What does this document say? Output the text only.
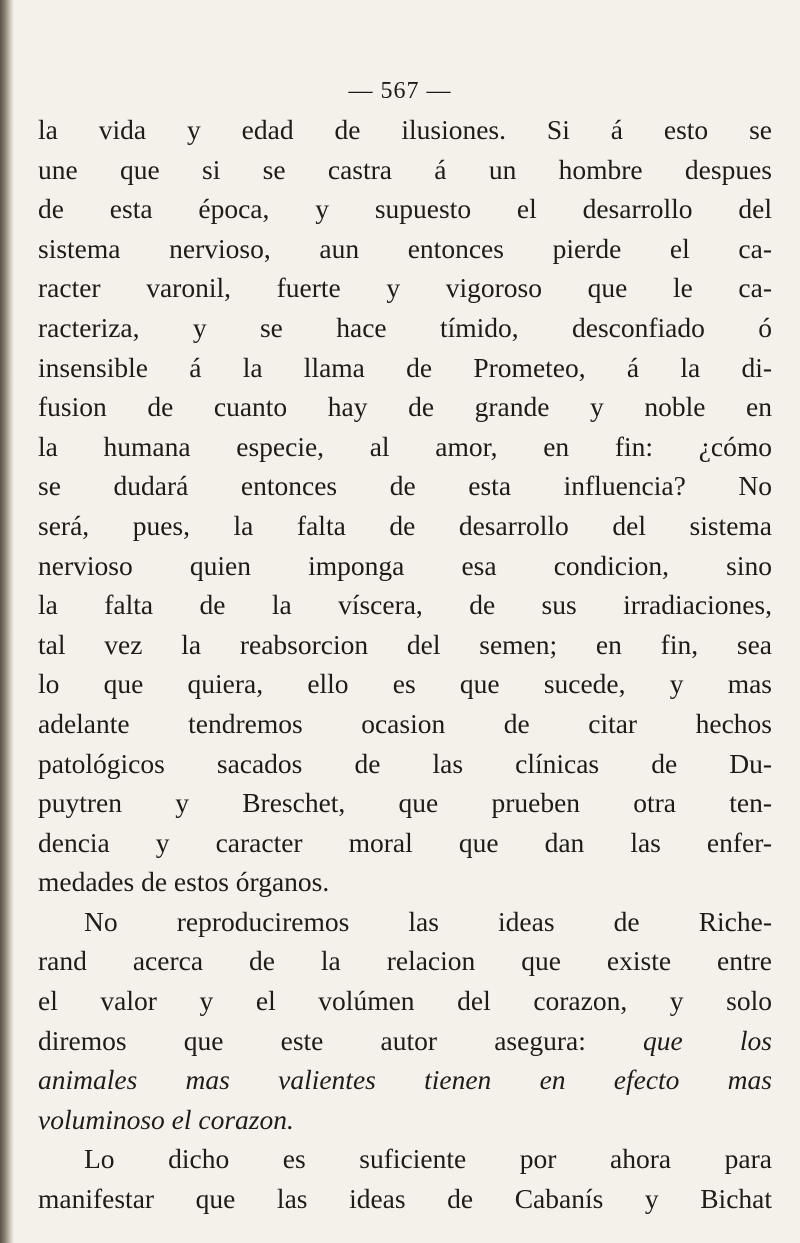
— 567 —
la vida y edad de ilusiones. Si á esto se
une que si se castra á un hombre despues
de esta época, y supuesto el desarrollo del
sistema nervioso, aun entonces pierde el ca-
racter varonil, fuerte y vigoroso que le ca-
racteriza, y se hace tímido, desconfiado ó
insensible á la llama de Prometeo, á la di-
fusion de cuanto hay de grande y noble en
la humana especie, al amor, en fin: ¿cómo
se dudará entonces de esta influencia? No
será, pues, la falta de desarrollo del sistema
nervioso quien imponga esa condicion, sino
la falta de la víscera, de sus irradiaciones,
tal vez la reabsorcion del semen; en fin, sea
lo que quiera, ello es que sucede, y mas
adelante tendremos ocasion de citar hechos
patológicos sacados de las clínicas de Du-
puytren y Breschet, que prueben otra ten-
dencia y caracter moral que dan las enfer-
medades de estos órganos.
No reproduciremos las ideas de Riche-
rand acerca de la relacion que existe entre
el valor y el volúmen del corazon, y solo
diremos que este autor asegura: que los
animales mas valientes tienen en efecto mas
voluminoso el corazon.
Lo dicho es suficiente por ahora para
manifestar que las ideas de Cabanís y Bichat
